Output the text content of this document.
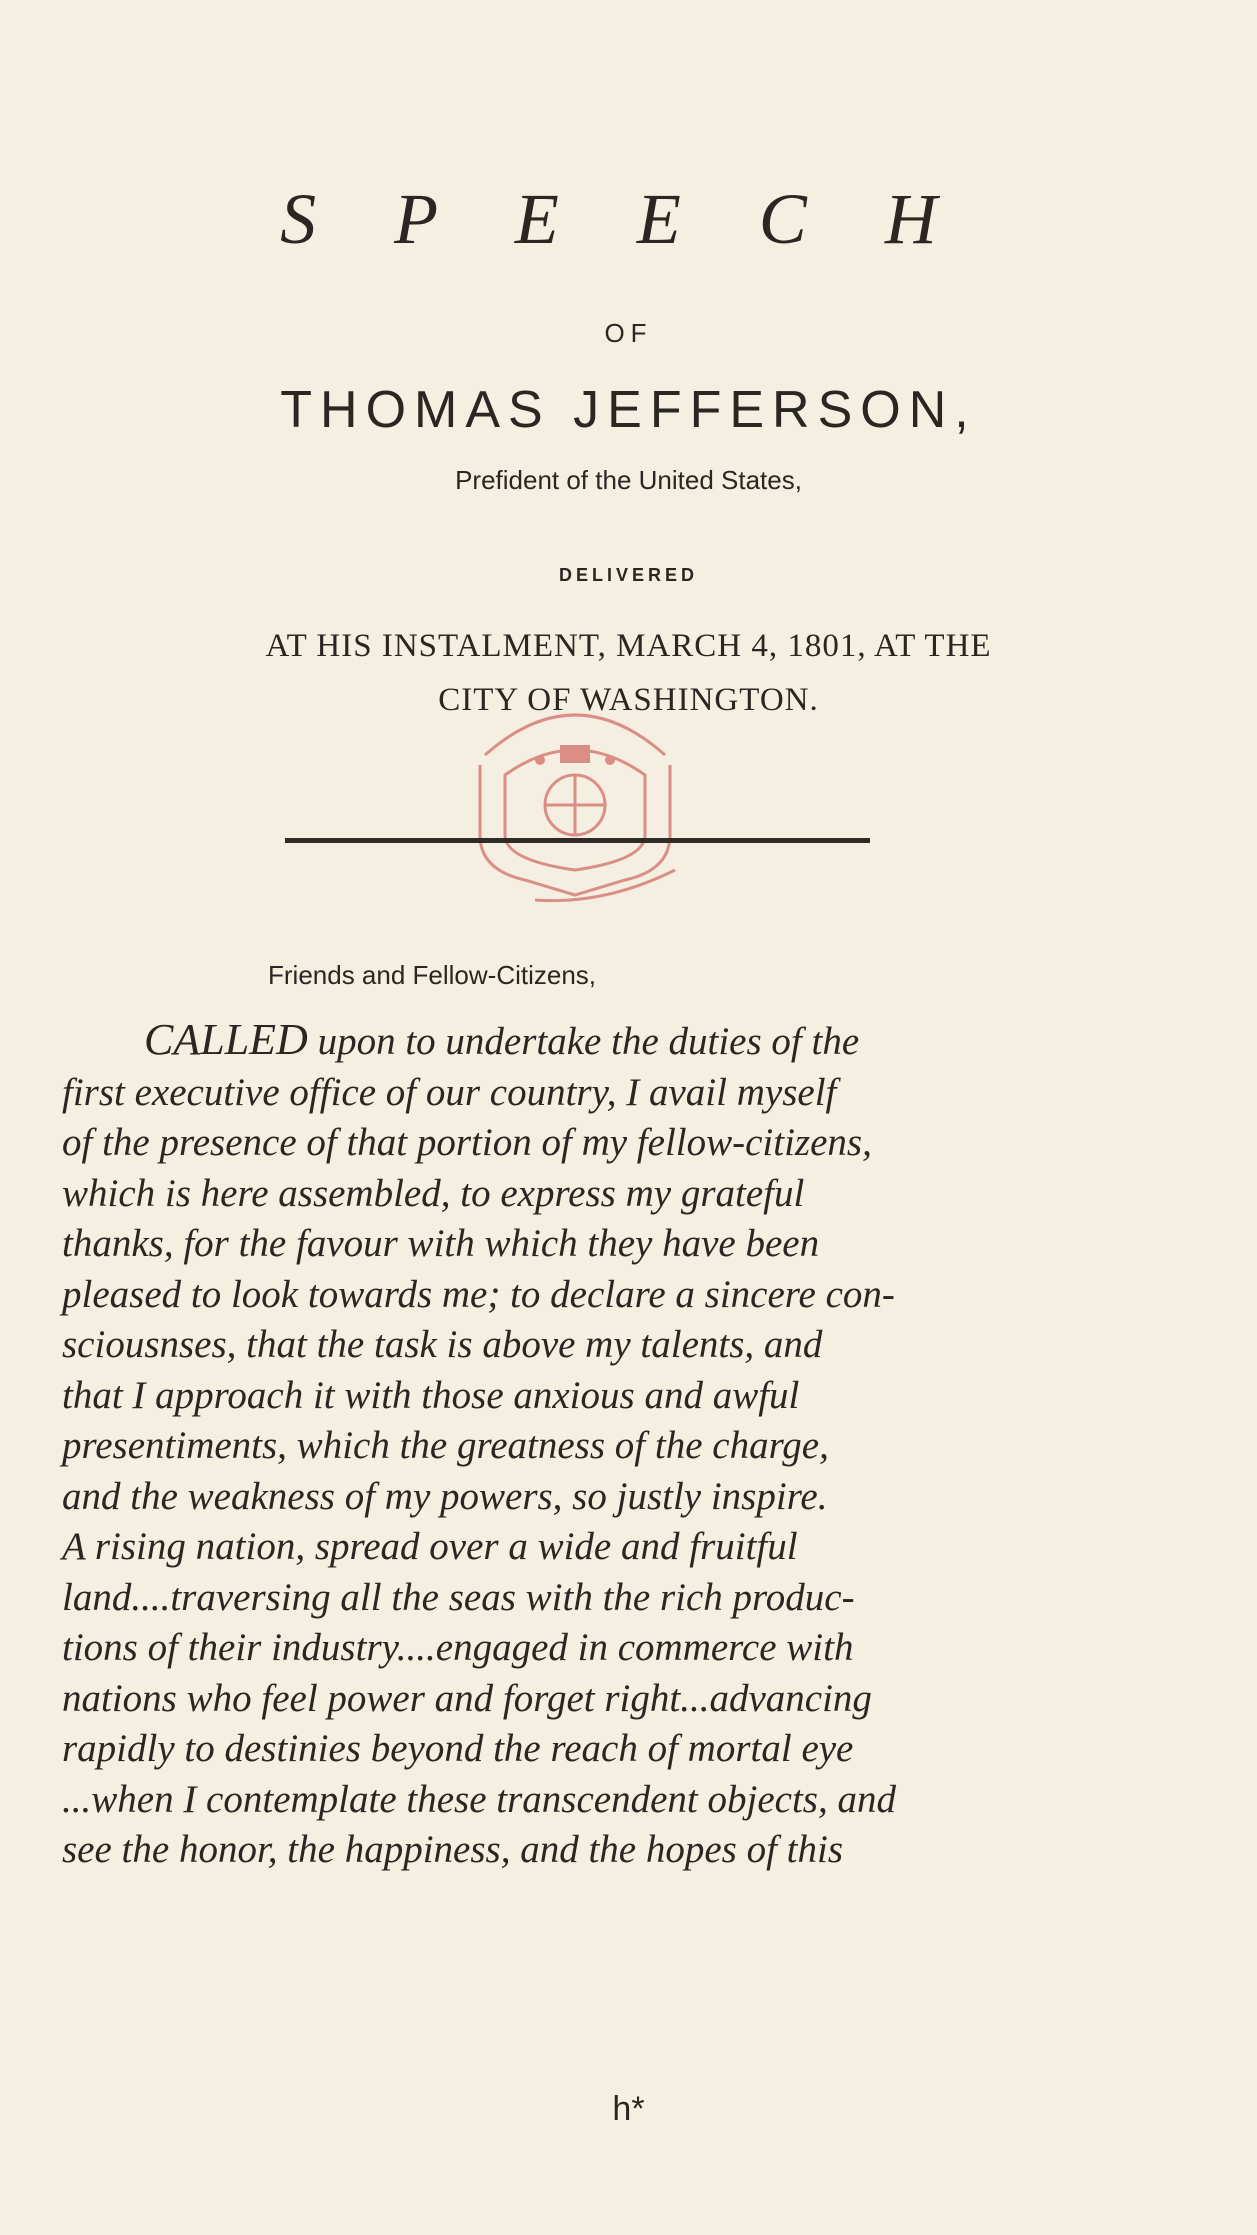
S P E E C H
OF
THOMAS JEFFERSON,
Prefident of the United States,
DELIVERED
AT HIS INSTALMENT, MARCH 4, 1801, AT THE
CITY OF WASHINGTON.
Friends and Fellow-Citizens,
CALLED upon to undertake the duties of the
first executive office of our country, I avail myself
of the presence of that portion of my fellow-citizens,
which is here assembled, to express my grateful
thanks, for the favour with which they have been
pleased to look towards me; to declare a sincere con-
sciousnses, that the task is above my talents, and
that I approach it with those anxious and awful
presentiments, which the greatness of the charge,
and the weakness of my powers, so justly inspire.
A rising nation, spread over a wide and fruitful
land....traversing all the seas with the rich produc-
tions of their industry....engaged in commerce with
nations who feel power and forget right...advancing
rapidly to destinies beyond the reach of mortal eye
...when I contemplate these transcendent objects, and
see the honor, the happiness, and the hopes of this
h*
